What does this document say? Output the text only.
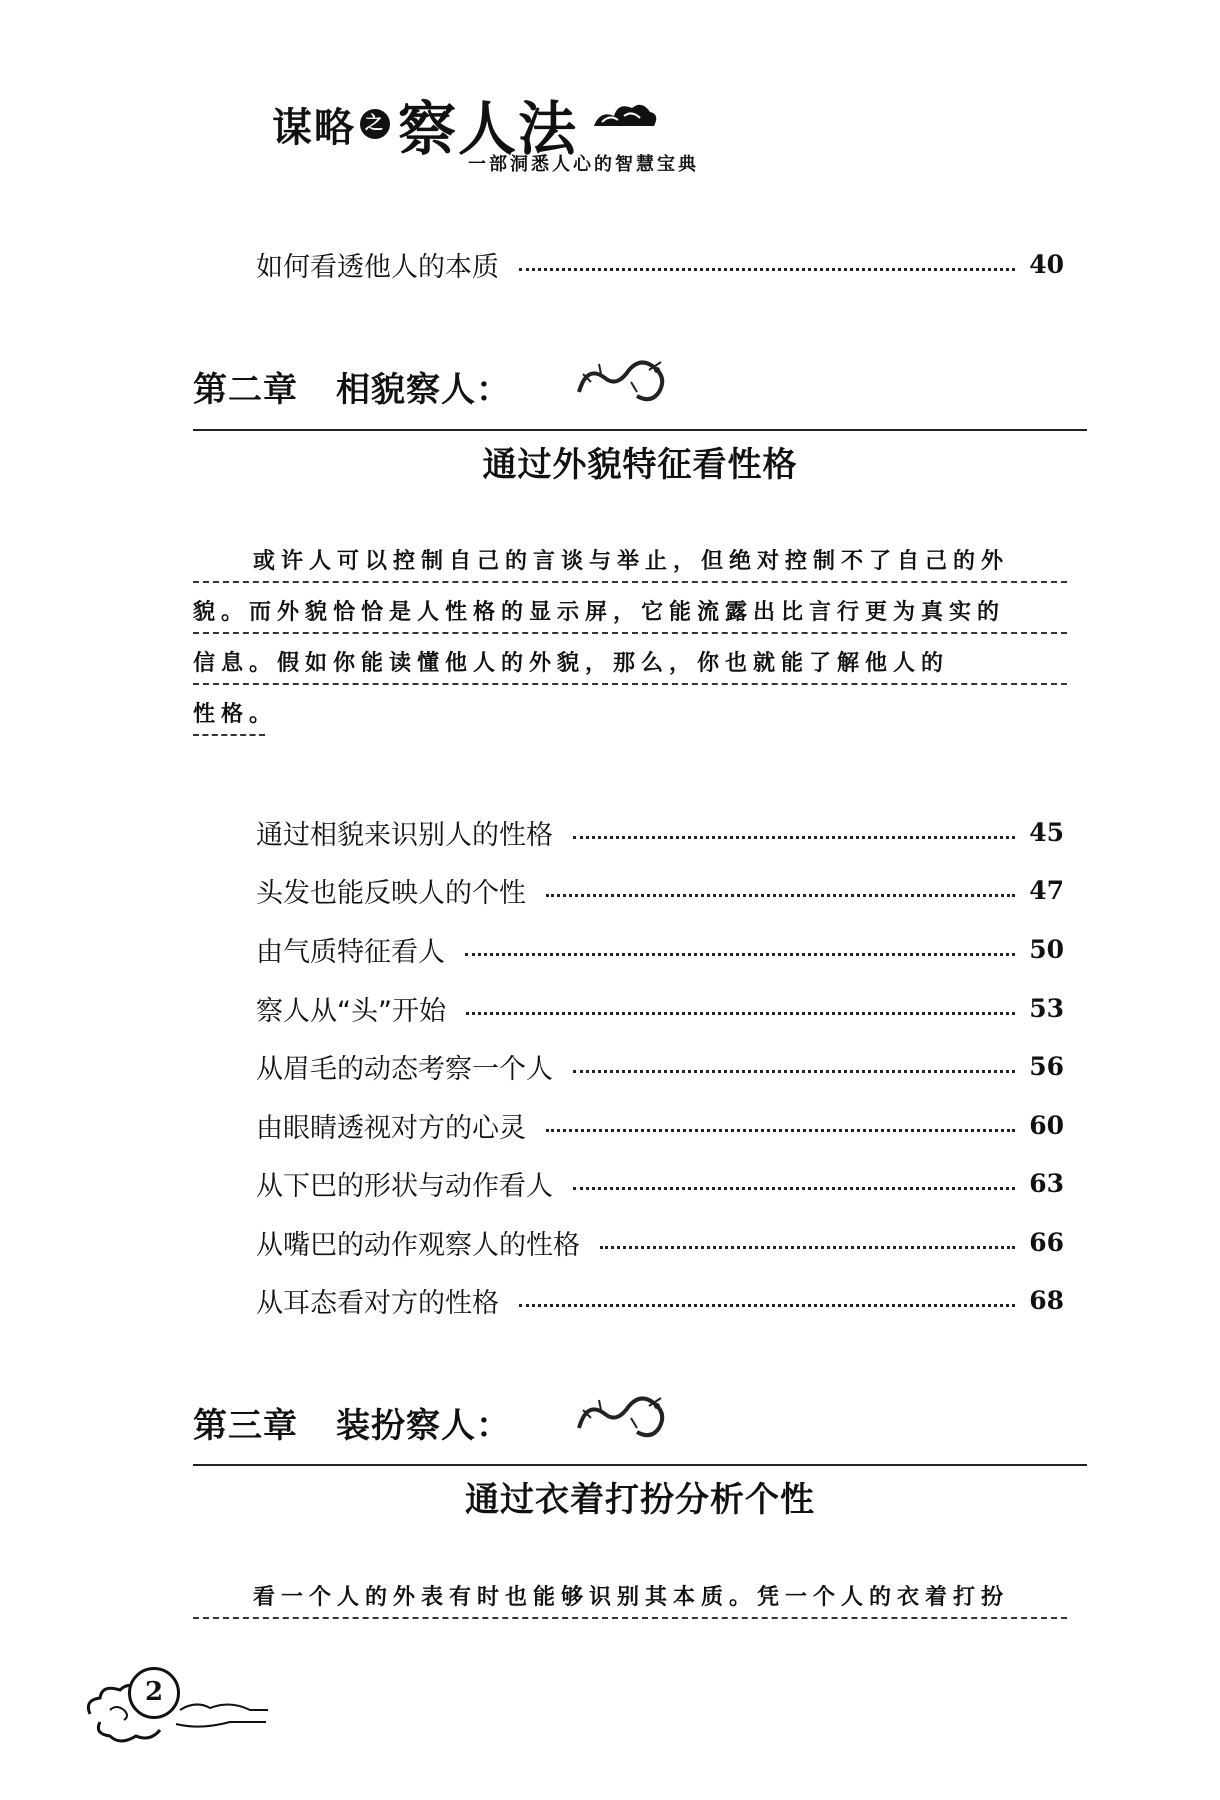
谋略 之 察人法
一部洞悉人心的智慧宝典
如何看透他人的本质	40
第二章 相貌察人：
通过外貌特征看性格
或许人可以控制自己的言谈与举止，但绝对控制不了自己的外
貌。而外貌恰恰是人性格的显示屏，它能流露出比言行更为真实的
信息。假如你能读懂他人的外貌，那么，你也就能了解他人的
性格。
通过相貌来识别人的性格	45
头发也能反映人的个性	47
由气质特征看人	50
察人从“头”开始	53
从眉毛的动态考察一个人	56
由眼睛透视对方的心灵	60
从下巴的形状与动作看人	63
从嘴巴的动作观察人的性格	66
从耳态看对方的性格	68
第三章 装扮察人：
通过衣着打扮分析个性
看一个人的外表有时也能够识别其本质。凭一个人的衣着打扮
2
